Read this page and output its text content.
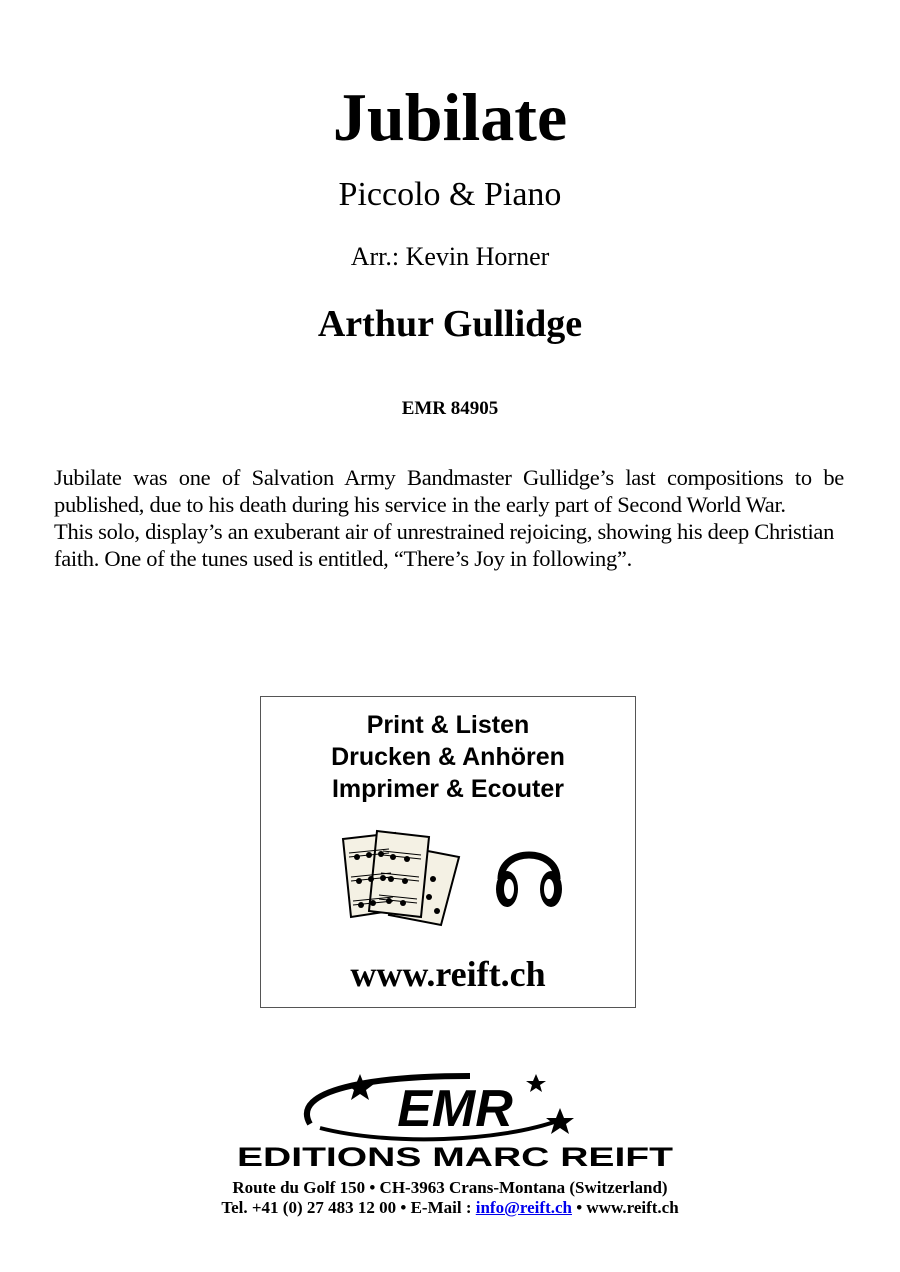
Jubilate
Piccolo & Piano
Arr.: Kevin Horner
Arthur Gullidge
EMR 84905

Jubilate was one of Salvation Army Bandmaster Gullidge’s last compositions to be published, due to his death during his service in the early part of Second World War.

This solo, display’s an exuberant air of unrestrained rejoicing, showing his deep Christian faith. One of the tunes used is entitled, “There’s Joy in following”.

Print & Listen
Drucken & Anhören
Imprimer & Ecouter
www.reift.ch
EMR
EDITIONS MARC REIFT
Route du Golf 150 • CH-3963 Crans-Montana (Switzerland)
Tel. +41 (0) 27 483 12 00 • E-Mail : info@reift.ch • www.reift.ch
